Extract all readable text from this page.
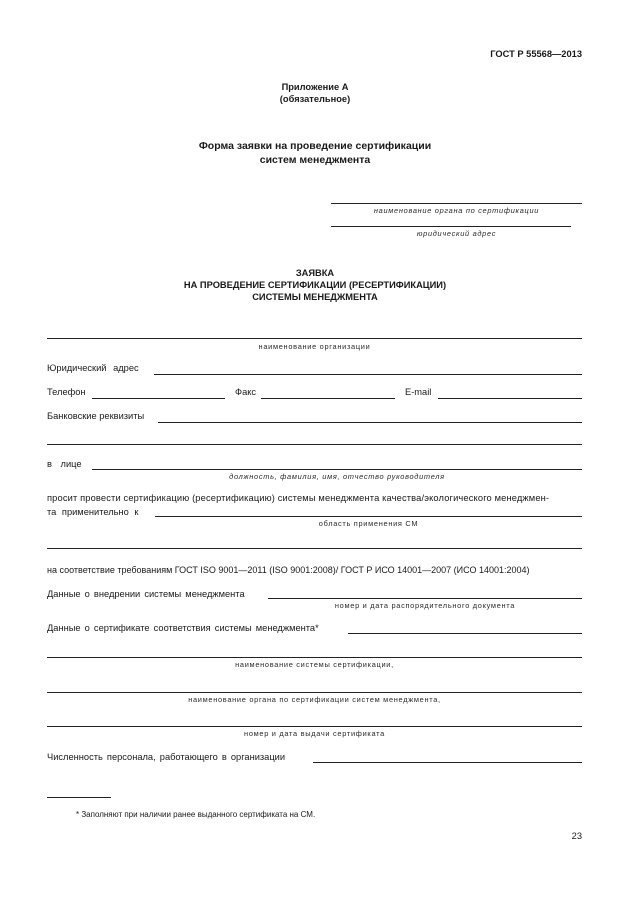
ГОСТ Р 55568—2013
Приложение А
(обязательное)
Форма заявки на проведение сертификации
систем менеджмента
наименование органа по сертификации
юридический адрес
ЗАЯВКА
НА ПРОВЕДЕНИЕ СЕРТИФИКАЦИИ (РЕСЕРТИФИКАЦИИ)
СИСТЕМЫ МЕНЕДЖМЕНТА
наименование организации
Юридический адрес
Телефон	Факс	E-mail
Банковские реквизиты
в лице
должность, фамилия, имя, отчество руководителя
просит провести сертификацию (ресертификацию) системы менеджмента качества/экологического менеджмен-
та применительно к
область применения СМ
на соответствие требованиям ГОСТ ISO 9001—2011 (ISO 9001:2008)/ ГОСТ Р ИСО 14001—2007 (ИСО 14001:2004)
Данные о внедрении системы менеджмента
номер и дата распорядительного документа
Данные о сертификате соответствия системы менеджмента*
наименование системы сертификации,
наименование органа по сертификации систем менеджмента,
номер и дата выдачи сертификата
Численность персонала, работающего в организации
* Заполняют при наличии ранее выданного сертификата на СМ.
23
